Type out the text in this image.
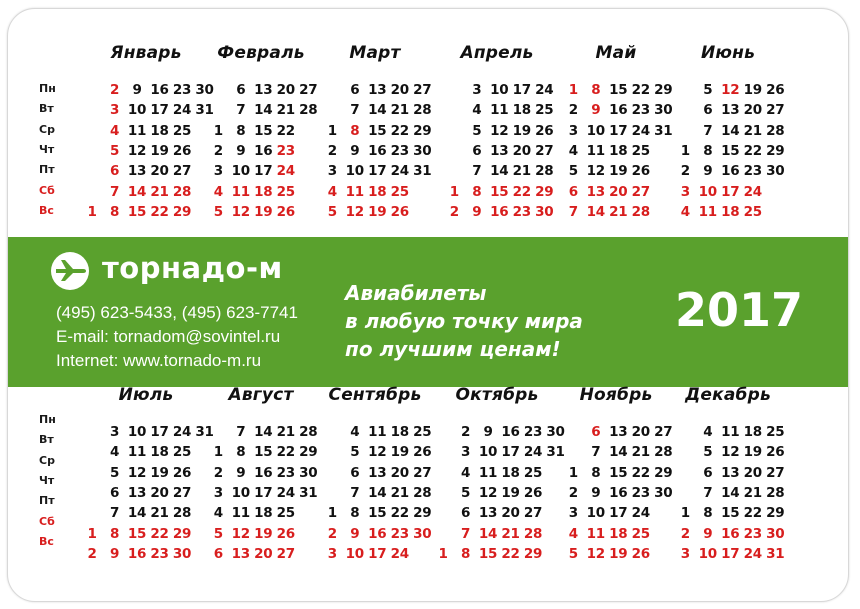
Пн
Вт
Ср
Чт
Пт
Сб
Вс
Январь
1
2
3
4
5
6
7
8
9
10
11
12
13
14
15
16
17
18
19
20
21
22
23
24
25
26
27
28
29
30
31
Февраль
1
2
3
4
5
6
7
8
9
10
11
12
13
14
15
16
17
18
19
20
21
22
23
24
25
26
27
28
Март
1
2
3
4
5
6
7
8
9
10
11
12
13
14
15
16
17
18
19
20
21
22
23
24
25
26
27
28
29
30
31
Апрель
1
2
3
4
5
6
7
8
9
10
11
12
13
14
15
16
17
18
19
20
21
22
23
24
25
26
27
28
29
30
Май
1
2
3
4
5
6
7
8
9
10
11
12
13
14
15
16
17
18
19
20
21
22
23
24
25
26
27
28
29
30
31
Июнь
1
2
3
4
5
6
7
8
9
10
11
12
13
14
15
16
17
18
19
20
21
22
23
24
25
26
27
28
29
30
торнадо-м
(495) 623-5433, (495) 623-7741
E-mail: tornadom@sovintel.ru
Internet: www.tornado-m.ru
Авиабилеты
в любую точку мира
по лучшим ценам!
2017
Пн
Вт
Ср
Чт
Пт
Сб
Вс
Июль
1
2
3
4
5
6
7
8
9
10
11
12
13
14
15
16
17
18
19
20
21
22
23
24
25
26
27
28
29
30
31
Август
1
2
3
4
5
6
7
8
9
10
11
12
13
14
15
16
17
18
19
20
21
22
23
24
25
26
27
28
29
30
31
Сентябрь
1
2
3
4
5
6
7
8
9
10
11
12
13
14
15
16
17
18
19
20
21
22
23
24
25
26
27
28
29
30
Октябрь
1
2
3
4
5
6
7
8
9
10
11
12
13
14
15
16
17
18
19
20
21
22
23
24
25
26
27
28
29
30
31
Ноябрь
1
2
3
4
5
6
7
8
9
10
11
12
13
14
15
16
17
18
19
20
21
22
23
24
25
26
27
28
29
30
Декабрь
1
2
3
4
5
6
7
8
9
10
11
12
13
14
15
16
17
18
19
20
21
22
23
24
25
26
27
28
29
30
31
